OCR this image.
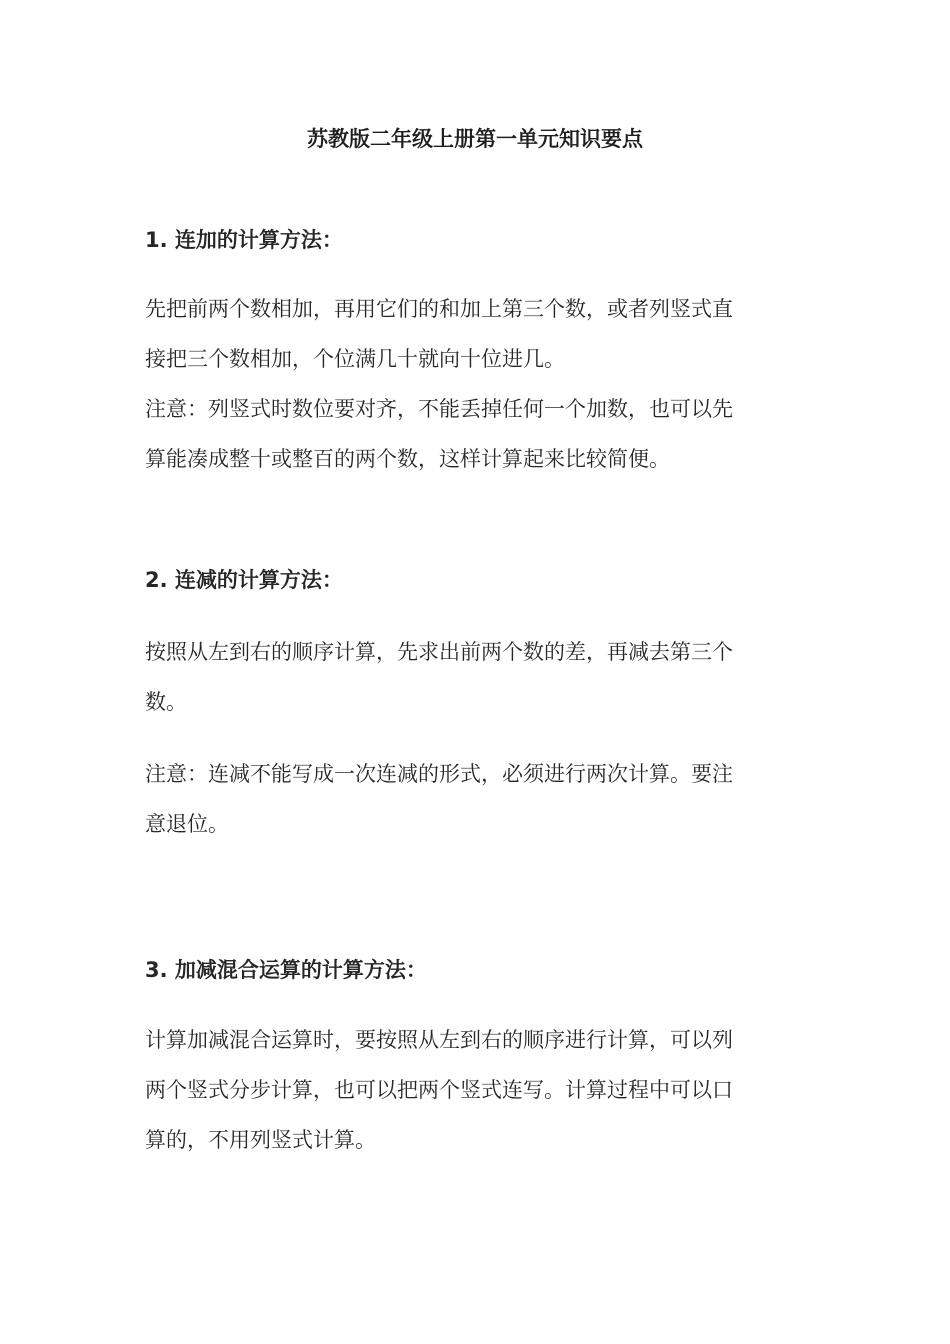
苏教版二年级上册第一单元知识要点
1. 连加的计算方法：

先把前两个数相加，再用它们的和加上第三个数，或者列竖式直
接把三个数相加，个位满几十就向十位进几。

注意：列竖式时数位要对齐，不能丢掉任何一个加数，也可以先
算能凑成整十或整百的两个数，这样计算起来比较简便。

2. 连减的计算方法：

按照从左到右的顺序计算，先求出前两个数的差，再减去第三个
数。

注意：连减不能写成一次连减的形式，必须进行两次计算。要注
意退位。

3. 加减混合运算的计算方法：

计算加减混合运算时，要按照从左到右的顺序进行计算，可以列
两个竖式分步计算，也可以把两个竖式连写。计算过程中可以口
算的，不用列竖式计算。
